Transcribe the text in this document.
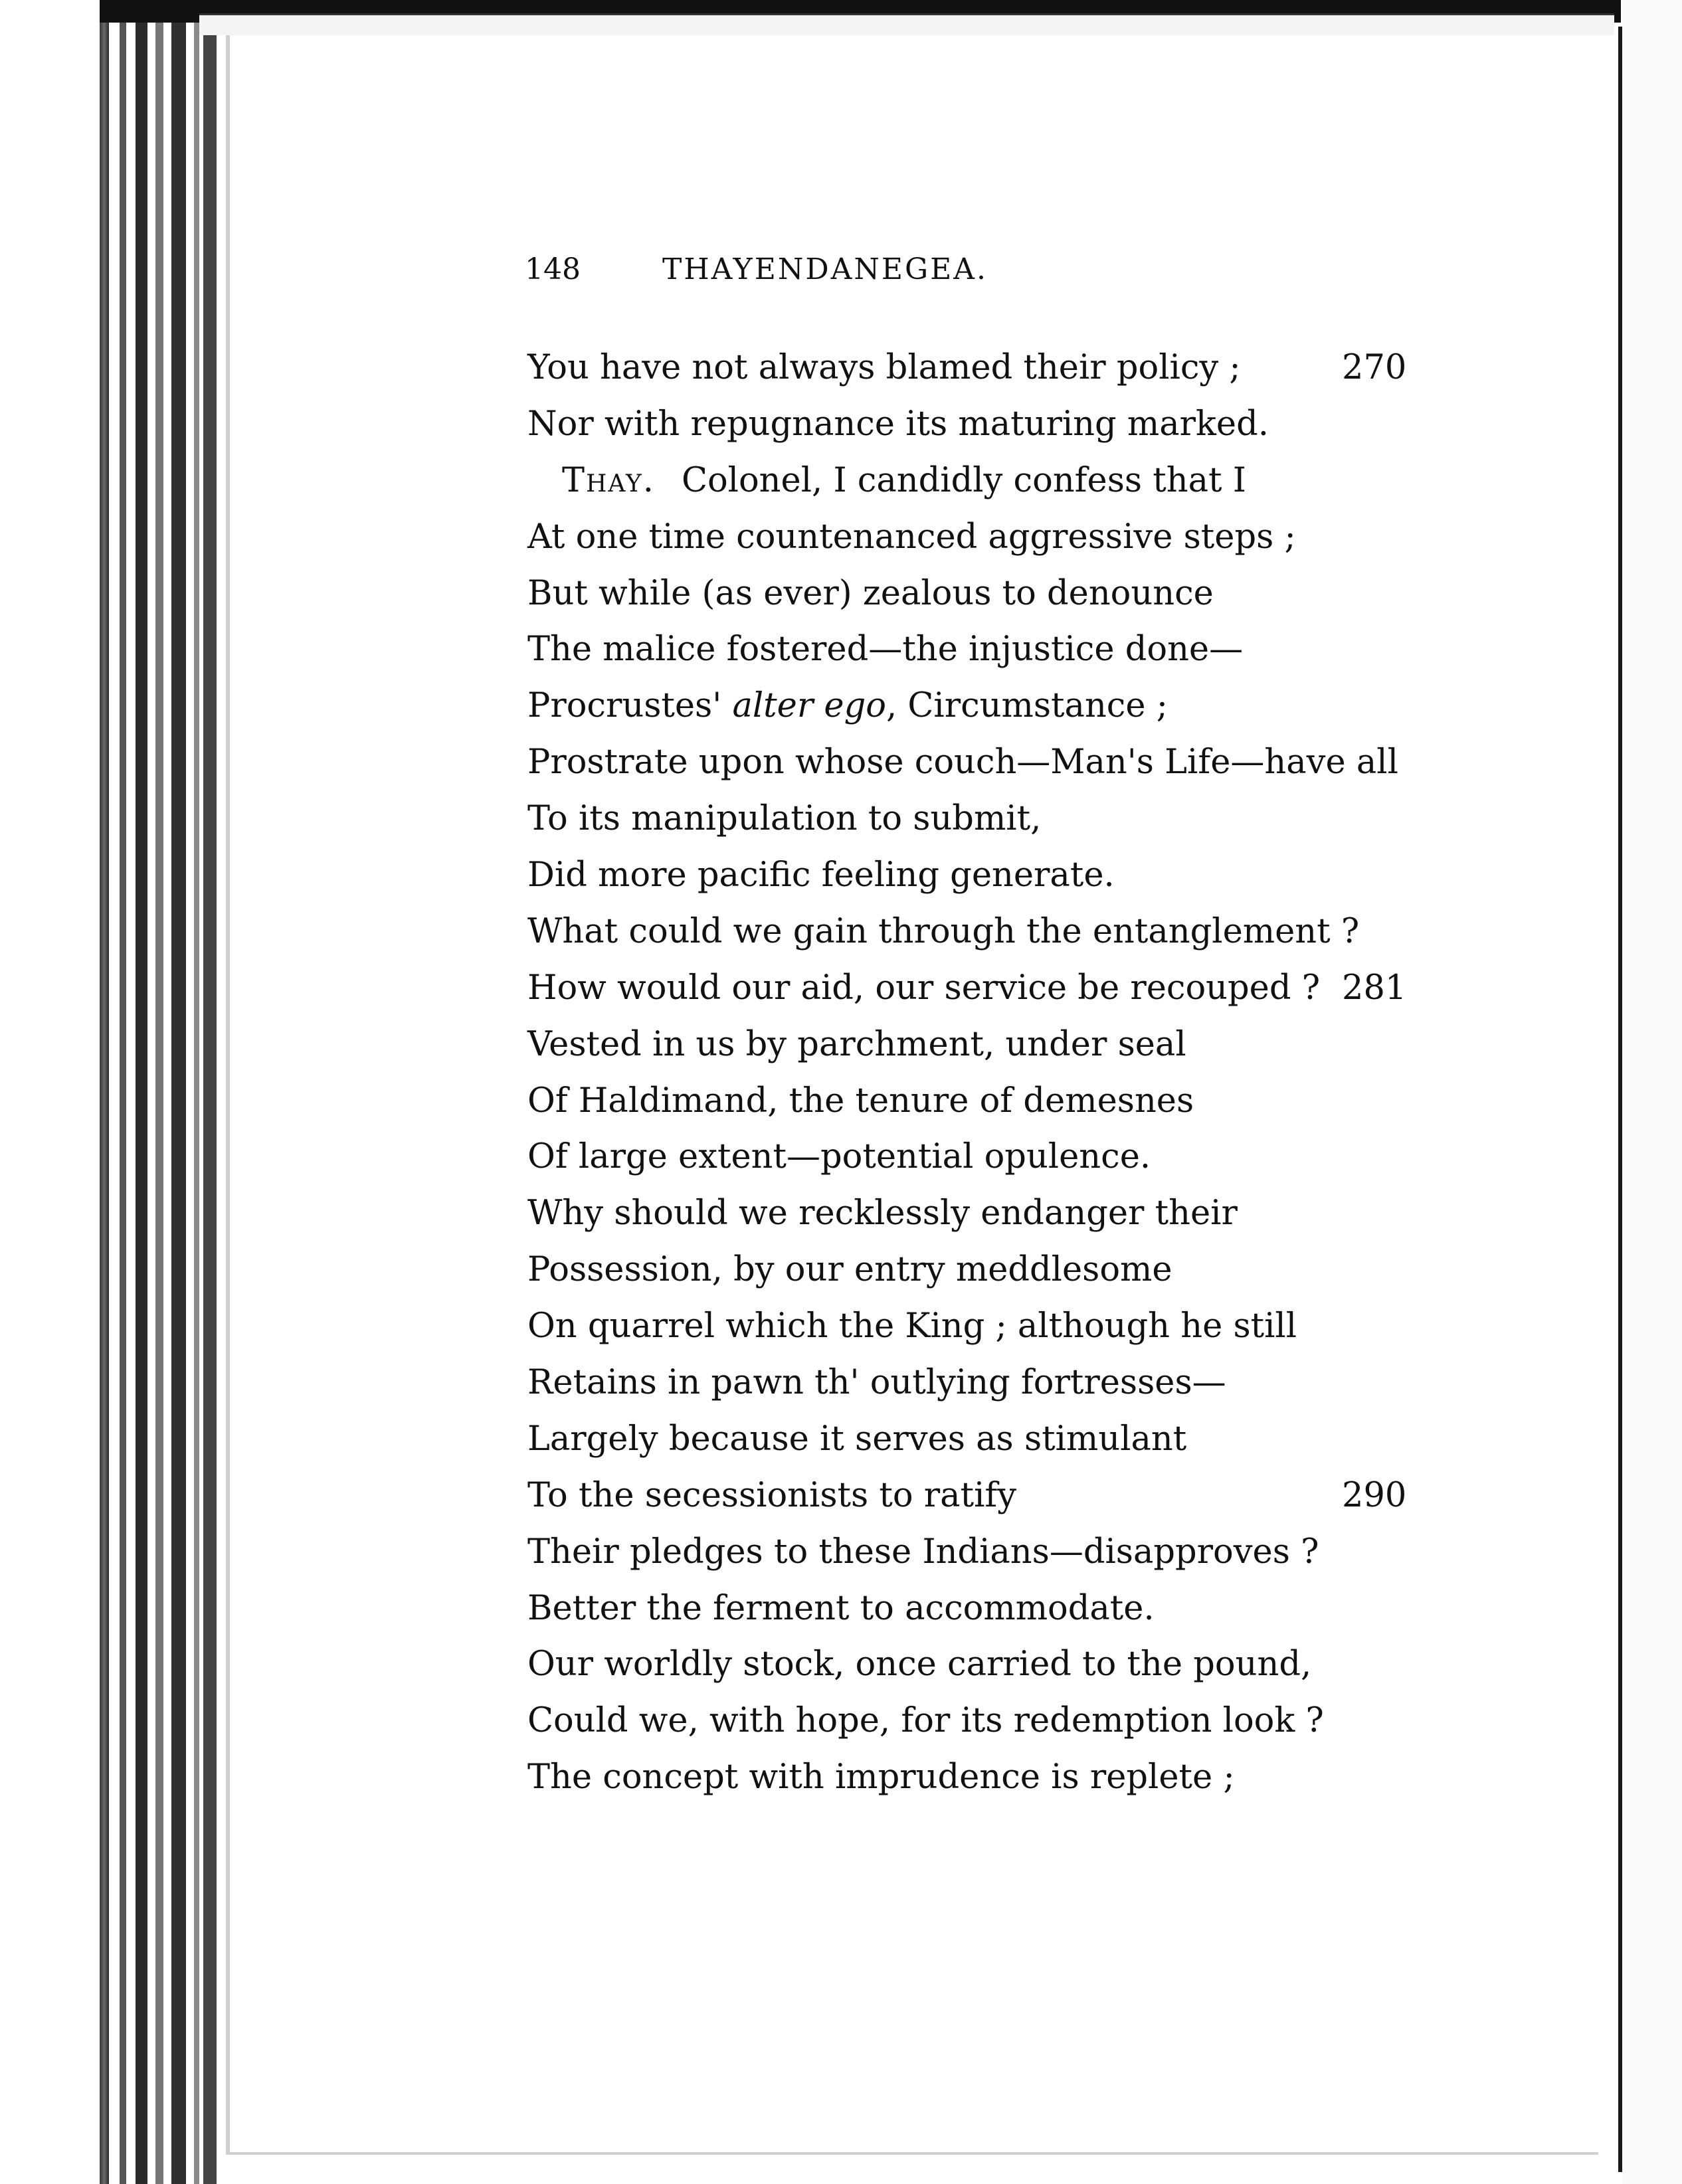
148	THAYENDANEGEA.
You have not always blamed their policy ;	270
Nor with repugnance its maturing marked.
Thay. Colonel, I candidly confess that I
At one time countenanced aggressive steps ;
But while (as ever) zealous to denounce
The malice fostered—the injustice done—
Procrustes' alter ego, Circumstance ;
Prostrate upon whose couch—Man's Life—have all
To its manipulation to submit,
Did more pacific feeling generate.
What could we gain through the entanglement ?
How would our aid, our service be recouped ? 281
Vested in us by parchment, under seal
Of Haldimand, the tenure of demesnes
Of large extent—potential opulence.
Why should we recklessly endanger their
Possession, by our entry meddlesome
On quarrel which the King ; although he still
Retains in pawn th' outlying fortresses—
Largely because it serves as stimulant
To the secessionists to ratify	290
Their pledges to these Indians—disapproves ?
Better the ferment to accommodate.
Our worldly stock, once carried to the pound,
Could we, with hope, for its redemption look ?
The concept with imprudence is replete ;
